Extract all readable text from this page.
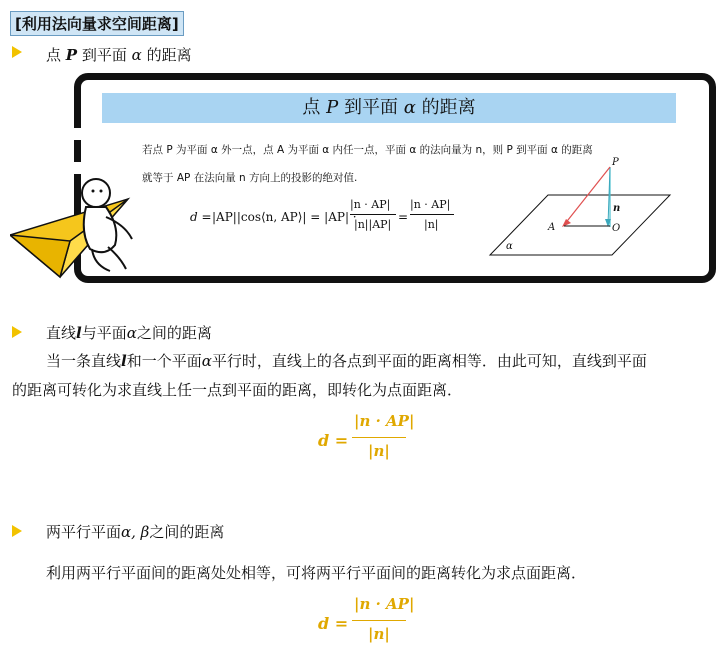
[利用法向量求空间距离]
点 P 到平面 α 的距离
点 P 到平面 α 的距离
若点 P 为平面 α 外一点，点 A 为平面 α 内任一点，平面 α 的法向量为 n，则 P 到平面 α 的距离
就等于 AP 在法向量 n 方向上的投影的绝对值.
d = |AP||cos⟨n, AP⟩| = |AP| ·
|n · AP|
|n||AP|
=
|n · AP|
|n|
P
n
A	O
α
直线l与平面α之间的距离
当一条直线l和一个平面α平行时，直线上的各点到平面的距离相等．由此可知，直线到平面
的距离可转化为求直线上任一点到平面的距离，即转化为点面距离．
d =
|n · AP|
|n|
两平行平面α, β之间的距离
利用两平行平面间的距离处处相等，可将两平行平面间的距离转化为求点面距离．
d =
|n · AP|
|n|
